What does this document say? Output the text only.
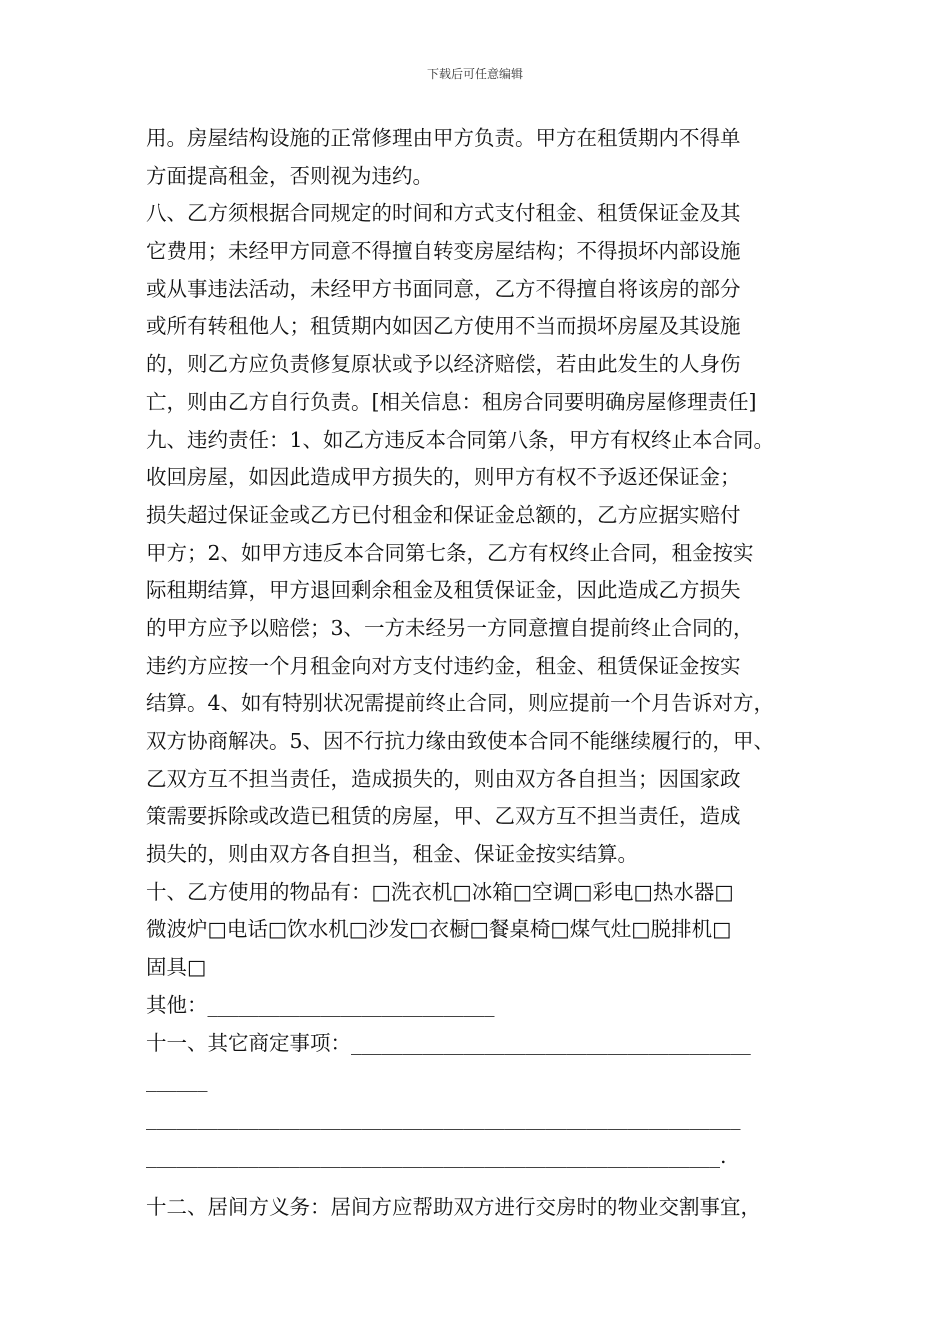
下载后可任意编辑
用。房屋结构设施的正常修理由甲方负责。甲方在租赁期内不得单
方面提高租金，否则视为违约。
八、乙方须根据合同规定的时间和方式支付租金、租赁保证金及其
它费用；未经甲方同意不得擅自转变房屋结构；不得损坏内部设施
或从事违法活动，未经甲方书面同意，乙方不得擅自将该房的部分
或所有转租他人；租赁期内如因乙方使用不当而损坏房屋及其设施
的，则乙方应负责修复原状或予以经济赔偿，若由此发生的人身伤
亡，则由乙方自行负责。[相关信息：租房合同要明确房屋修理责任]
九、违约责任：1、如乙方违反本合同第八条，甲方有权终止本合同。
收回房屋，如因此造成甲方损失的，则甲方有权不予返还保证金；
损失超过保证金或乙方已付租金和保证金总额的，乙方应据实赔付
甲方；2、如甲方违反本合同第七条，乙方有权终止合同，租金按实
际租期结算，甲方退回剩余租金及租赁保证金，因此造成乙方损失
的甲方应予以赔偿；3、一方未经另一方同意擅自提前终止合同的，
违约方应按一个月租金向对方支付违约金，租金、租赁保证金按实
结算。4、如有特别状况需提前终止合同，则应提前一个月告诉对方，
双方协商解决。5、因不行抗力缘由致使本合同不能继续履行的，甲、
乙双方互不担当责任，造成损失的，则由双方各自担当；因国家政
策需要拆除或改造已租赁的房屋，甲、乙双方互不担当责任，造成
损失的，则由双方各自担当，租金、保证金按实结算。
十、乙方使用的物品有：□洗衣机□冰箱□空调□彩电□热水器□
微波炉□电话□饮水机□沙发□衣橱□餐桌椅□煤气灶□脱排机□
固具□
其他：____________________________
十一、其它商定事项：_______________________________________
______
__________________________________________________________
________________________________________________________.
十二、居间方义务：居间方应帮助双方进行交房时的物业交割事宜，
